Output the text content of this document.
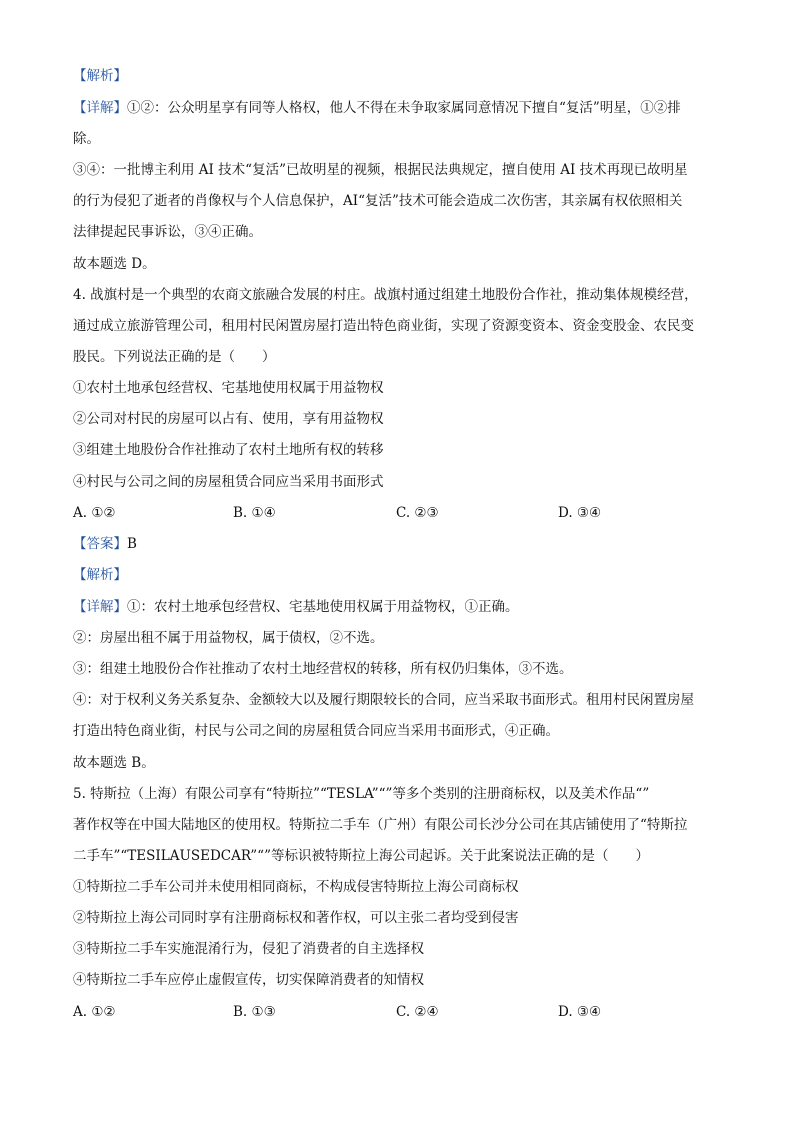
【解析】
【详解】①②：公众明星享有同等人格权，他人不得在未争取家属同意情况下擅自“复活”明星，①②排
除。
③④：一批博主利用 AI 技术“复活”已故明星的视频，根据民法典规定，擅自使用 AI 技术再现已故明星
的行为侵犯了逝者的肖像权与个人信息保护，AI“复活”技术可能会造成二次伤害，其亲属有权依照相关
法律提起民事诉讼，③④正确。
故本题选 D。
4. 战旗村是一个典型的农商文旅融合发展的村庄。战旗村通过组建土地股份合作社，推动集体规模经营，
通过成立旅游管理公司，租用村民闲置房屋打造出特色商业街，实现了资源变资本、资金变股金、农民变
股民。下列说法正确的是（　　）
①农村土地承包经营权、宅基地使用权属于用益物权
②公司对村民的房屋可以占有、使用，享有用益物权
③组建土地股份合作社推动了农村土地所有权的转移
④村民与公司之间的房屋租赁合同应当采用书面形式
A. ①②	B. ①④	C. ②③	D. ③④
【答案】B
【解析】
【详解】①：农村土地承包经营权、宅基地使用权属于用益物权，①正确。
②：房屋出租不属于用益物权，属于债权，②不选。
③：组建土地股份合作社推动了农村土地经营权的转移，所有权仍归集体，③不选。
④：对于权利义务关系复杂、金额较大以及履行期限较长的合同，应当采取书面形式。租用村民闲置房屋
打造出特色商业街，村民与公司之间的房屋租赁合同应当采用书面形式，④正确。
故本题选 B。
5. 特斯拉（上海）有限公司享有“特斯拉”“TESLA”“”等多个类别的注册商标权，以及美术作品“”
著作权等在中国大陆地区的使用权。特斯拉二手车（广州）有限公司长沙分公司在其店铺使用了“特斯拉
二手车”“TESILAUSEDCAR”“”等标识被特斯拉上海公司起诉。关于此案说法正确的是（　　）
①特斯拉二手车公司并未使用相同商标，不构成侵害特斯拉上海公司商标权
②特斯拉上海公司同时享有注册商标权和著作权，可以主张二者均受到侵害
③特斯拉二手车实施混淆行为，侵犯了消费者的自主选择权
④特斯拉二手车应停止虚假宣传，切实保障消费者的知情权
A. ①②	B. ①③	C. ②④	D. ③④
